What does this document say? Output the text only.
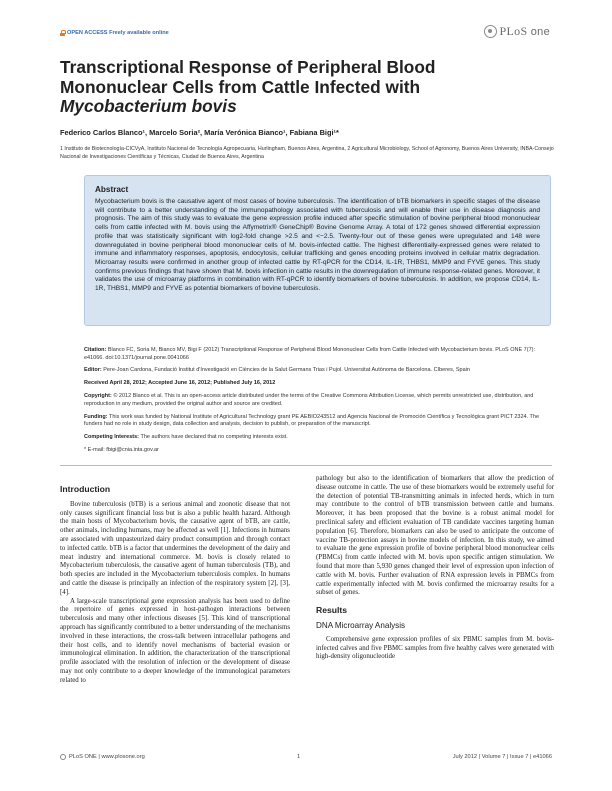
OPEN ACCESS Freely available online	PLoS one
Transcriptional Response of Peripheral Blood
Mononuclear Cells from Cattle Infected with
Mycobacterium bovis
Federico Carlos Blanco¹, Marcelo Soria², María Verónica Bianco¹, Fabiana Bigi¹*
1 Instituto de Biotecnología-CICVyA, Instituto Nacional de Tecnología Agropecuaria, Hurlingham, Buenos Aires, Argentina, 2 Agricultural Microbiology, School of Agronomy, Buenos Aires University, INBA-Consejo Nacional de Investigaciones Científicas y Técnicas, Ciudad de Buenos Aires, Argentina
Abstract
Mycobacterium bovis is the causative agent of most cases of bovine tuberculosis. The identification of bTB biomarkers in specific stages of the disease will contribute to a better understanding of the immunopathology associated with tuberculosis and will enable their use in disease diagnosis and prognosis. The aim of this study was to evaluate the gene expression profile induced after specific stimulation of bovine peripheral blood mononuclear cells from cattle infected with M. bovis using the Affymetrix® GeneChip® Bovine Genome Array. A total of 172 genes showed differential expression profile that was statistically significant with log2-fold change >2.5 and <−2.5. Twenty-four out of these genes were upregulated and 148 were downregulated in bovine peripheral blood mononuclear cells of M. bovis-infected cattle. The highest differentially-expressed genes were related to immune and inflammatory responses, apoptosis, endocytosis, cellular trafficking and genes encoding proteins involved in cellular matrix degradation. Microarray results were confirmed in another group of infected cattle by RT-qPCR for the CD14, IL-1R, THBS1, MMP9 and FYVE genes. This study confirms previous findings that have shown that M. bovis infection in cattle results in the downregulation of immune response-related genes. Moreover, it validates the use of microarray platforms in combination with RT-qPCR to identify biomarkers of bovine tuberculosis. In addition, we propose CD14, IL-1R, THBS1, MMP9 and FYVE as potential biomarkers of bovine tuberculosis.

Citation: Blanco FC, Soria M, Bianco MV, Bigi F (2012) Transcriptional Response of Peripheral Blood Mononuclear Cells from Cattle Infected with Mycobacterium bovis. PLoS ONE 7(7): e41066. doi:10.1371/journal.pone.0041066

Editor: Pere-Joan Cardona, Fundació Institut d'Investigació en Ciències de la Salut Germans Trias i Pujol. Universitat Autònoma de Barcelona. CIberes, Spain

Received April 28, 2012; Accepted June 16, 2012; Published July 16, 2012

Copyright: © 2012 Blanco et al. This is an open-access article distributed under the terms of the Creative Commons Attribution License, which permits unrestricted use, distribution, and reproduction in any medium, provided the original author and source are credited.

Funding: This work was funded by National Institute of Agricultural Technology grant PE AEBIO243512 and Agencia Nacional de Promoción Científica y Tecnológica grant PICT 2324. The funders had no role in study design, data collection and analysis, decision to publish, or preparation of the manuscript.

Competing Interests: The authors have declared that no competing interests exist.

* E-mail: fbigi@cnia.inta.gov.ar

Introduction

Bovine tuberculosis (bTB) is a serious animal and zoonotic disease that not only causes significant financial loss but is also a public health hazard. Although the main hosts of Mycobacterium bovis, the causative agent of bTB, are cattle, other animals, including humans, may be affected as well [1]. Infections in humans are associated with unpasteurized dairy product consumption and through contact to infected cattle. bTB is a factor that undermines the development of the dairy and meat industry and international commerce. M. bovis is closely related to Mycobacterium tuberculosis, the causative agent of human tuberculosis (TB), and both species are included in the Mycobacterium tuberculosis complex. In humans and cattle the disease is principally an infection of the respiratory system [2], [3], [4].

A large-scale transcriptional gene expression analysis has been used to define the repertoire of genes expressed in host-pathogen interactions between tuberculosis and many other infectious diseases [5]. This kind of transcriptional approach has significantly contributed to a better understanding of the mechanisms involved in these interactions, the cross-talk between intracellular pathogens and their host cells, and to identify novel mechanisms of bacterial evasion or immunological elimination. In addition, the characterization of the transcriptional profile associated with the resolution of infection or the development of disease may not only contribute to a deeper knowledge of the immunological parameters related to

pathology but also to the identification of biomarkers that allow the prediction of disease outcome in cattle. The use of these biomarkers would be extremely useful for the detection of potential TB-transmitting animals in infected herds, which in turn may contribute to the control of bTB transmission between cattle and humans. Moreover, it has been proposed that the bovine is a robust animal model for preclinical safety and efficient evaluation of TB candidate vaccines targeting human population [6]. Therefore, biomarkers can also be used to anticipate the outcome of vaccine TB-protection assays in bovine models of infection. In this study, we aimed to evaluate the gene expression profile of bovine peripheral blood mononuclear cells (PBMCs) from cattle infected with M. bovis upon specific antigen stimulation. We found that more than 5,930 genes changed their level of expression upon infection of cattle with M. bovis. Further evaluation of RNA expression levels in PBMCs from cattle experimentally infected with M. bovis confirmed the microarray results for a subset of genes.

Results
DNA Microarray Analysis

Comprehensive gene expression profiles of six PBMC samples from M. bovis-infected calves and five PBMC samples from five healthy calves were generated with high-density oligonucleotide

PLoS ONE | www.plosone.org	1	July 2012 | Volume 7 | Issue 7 | e41066
